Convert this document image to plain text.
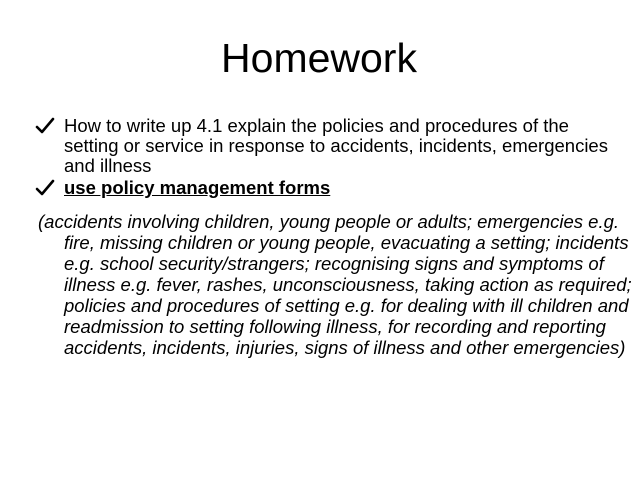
Homework
How to write up 4.1 explain the policies and procedures of the setting or service in response to accidents, incidents, emergencies and illness
use policy management forms

(accidents involving children, young people or adults; emergencies e.g. fire, missing children or young people, evacuating a setting; incidents e.g. school security/strangers; recognising signs and symptoms of illness e.g. fever, rashes, unconsciousness, taking action as required; policies and procedures of setting e.g. for dealing with ill children and readmission to setting following illness, for recording and reporting accidents, incidents, injuries, signs of illness and other emergencies)
